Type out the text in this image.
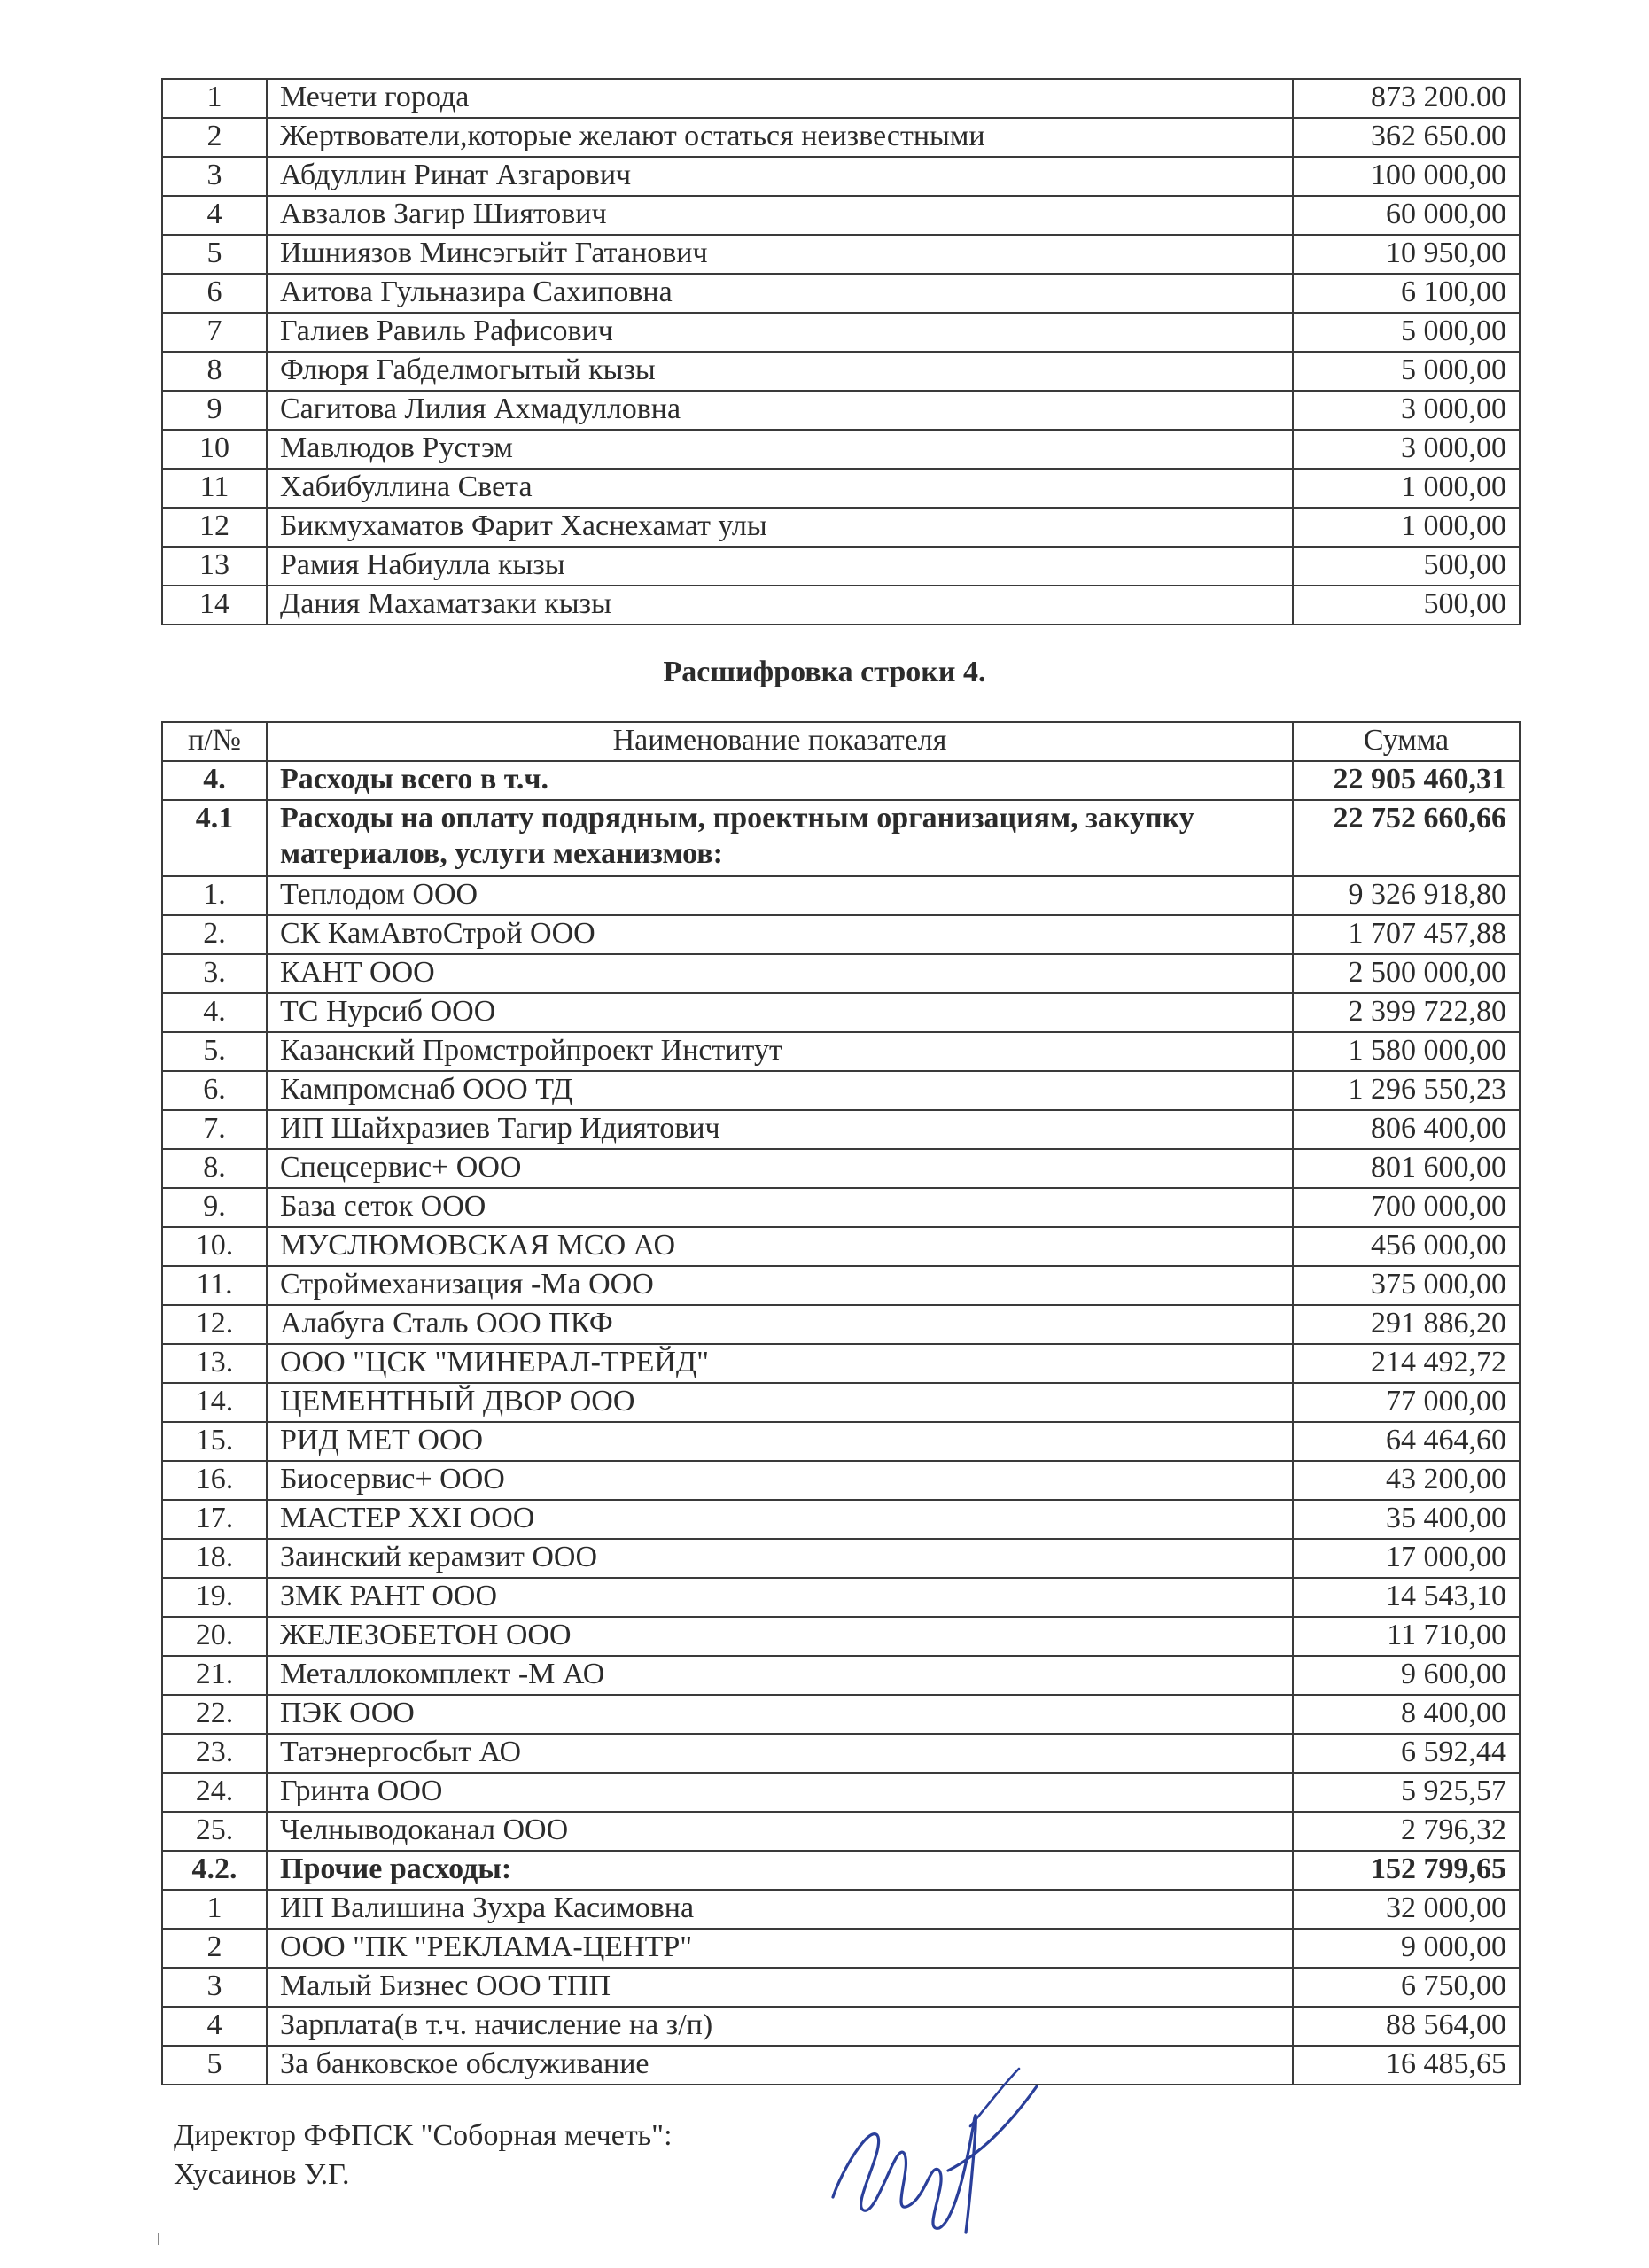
1	Мечети города	873 200.00
2	Жертвователи,которые желают остаться неизвестными	362 650.00
3	Абдуллин Ринат Азгарович	100 000,00
4	Авзалов Загир Шиятович	60 000,00
5	Ишниязов Минсэгыйт Гатанович	10 950,00
6	Аитова Гульназира Сахиповна	6 100,00
7	Галиев Равиль Рафисович	5 000,00
8	Флюря Габделмогытый кызы	5 000,00
9	Сагитова Лилия Ахмадулловна	3 000,00
10	Мавлюдов Рустэм	3 000,00
11	Хабибуллина Света	1 000,00
12	Бикмухаматов Фарит Хаснехамат улы	1 000,00
13	Рамия Набиулла кызы	500,00
14	Дания Махаматзаки кызы	500,00
Расшифровка строки 4.
п/№	Наименование показателя	Сумма
4.	Расходы всего в т.ч.	22 905 460,31
4.1	Расходы на оплату подрядным, проектным организациям, закупку материалов, услуги механизмов:	22 752 660,66
1.	Теплодом ООО	9 326 918,80
2.	СК КамАвтоСтрой ООО	1 707 457,88
3.	КАНТ ООО	2 500 000,00
4.	ТС Нурсиб ООО	2 399 722,80
5.	Казанский Промстройпроект Институт	1 580 000,00
6.	Кампромснаб ООО ТД	1 296 550,23
7.	ИП Шайхразиев Тагир Идиятович	806 400,00
8.	Спецсервис+ ООО	801 600,00
9.	База сеток ООО	700 000,00
10.	МУСЛЮМОВСКАЯ МСО АО	456 000,00
11.	Строймеханизация -Ма ООО	375 000,00
12.	Алабуга Сталь ООО ПКФ	291 886,20
13.	ООО "ЦСК "МИНЕРАЛ-ТРЕЙД"	214 492,72
14.	ЦЕМЕНТНЫЙ ДВОР ООО	77 000,00
15.	РИД МЕТ ООО	64 464,60
16.	Биосервис+ ООО	43 200,00
17.	МАСТЕР XXI ООО	35 400,00
18.	Заинский керамзит ООО	17 000,00
19.	ЗМК РАНТ ООО	14 543,10
20.	ЖЕЛЕЗОБЕТОН ООО	11 710,00
21.	Металлокомплект -М АО	9 600,00
22.	ПЭК ООО	8 400,00
23.	Татэнергосбыт АО	6 592,44
24.	Гринта ООО	5 925,57
25.	Челныводоканал ООО	2 796,32
4.2.	Прочие расходы:	152 799,65
1	ИП Валишина Зухра Касимовна	32 000,00
2	ООО "ПК "РЕКЛАМА-ЦЕНТР"	9 000,00
3	Малый Бизнес ООО ТПП	6 750,00
4	Зарплата(в т.ч. начисление на з/п)	88 564,00
5	За банковское обслуживание	16 485,65
Директор ФФПСК "Соборная мечеть":
Хусаинов У.Г.
